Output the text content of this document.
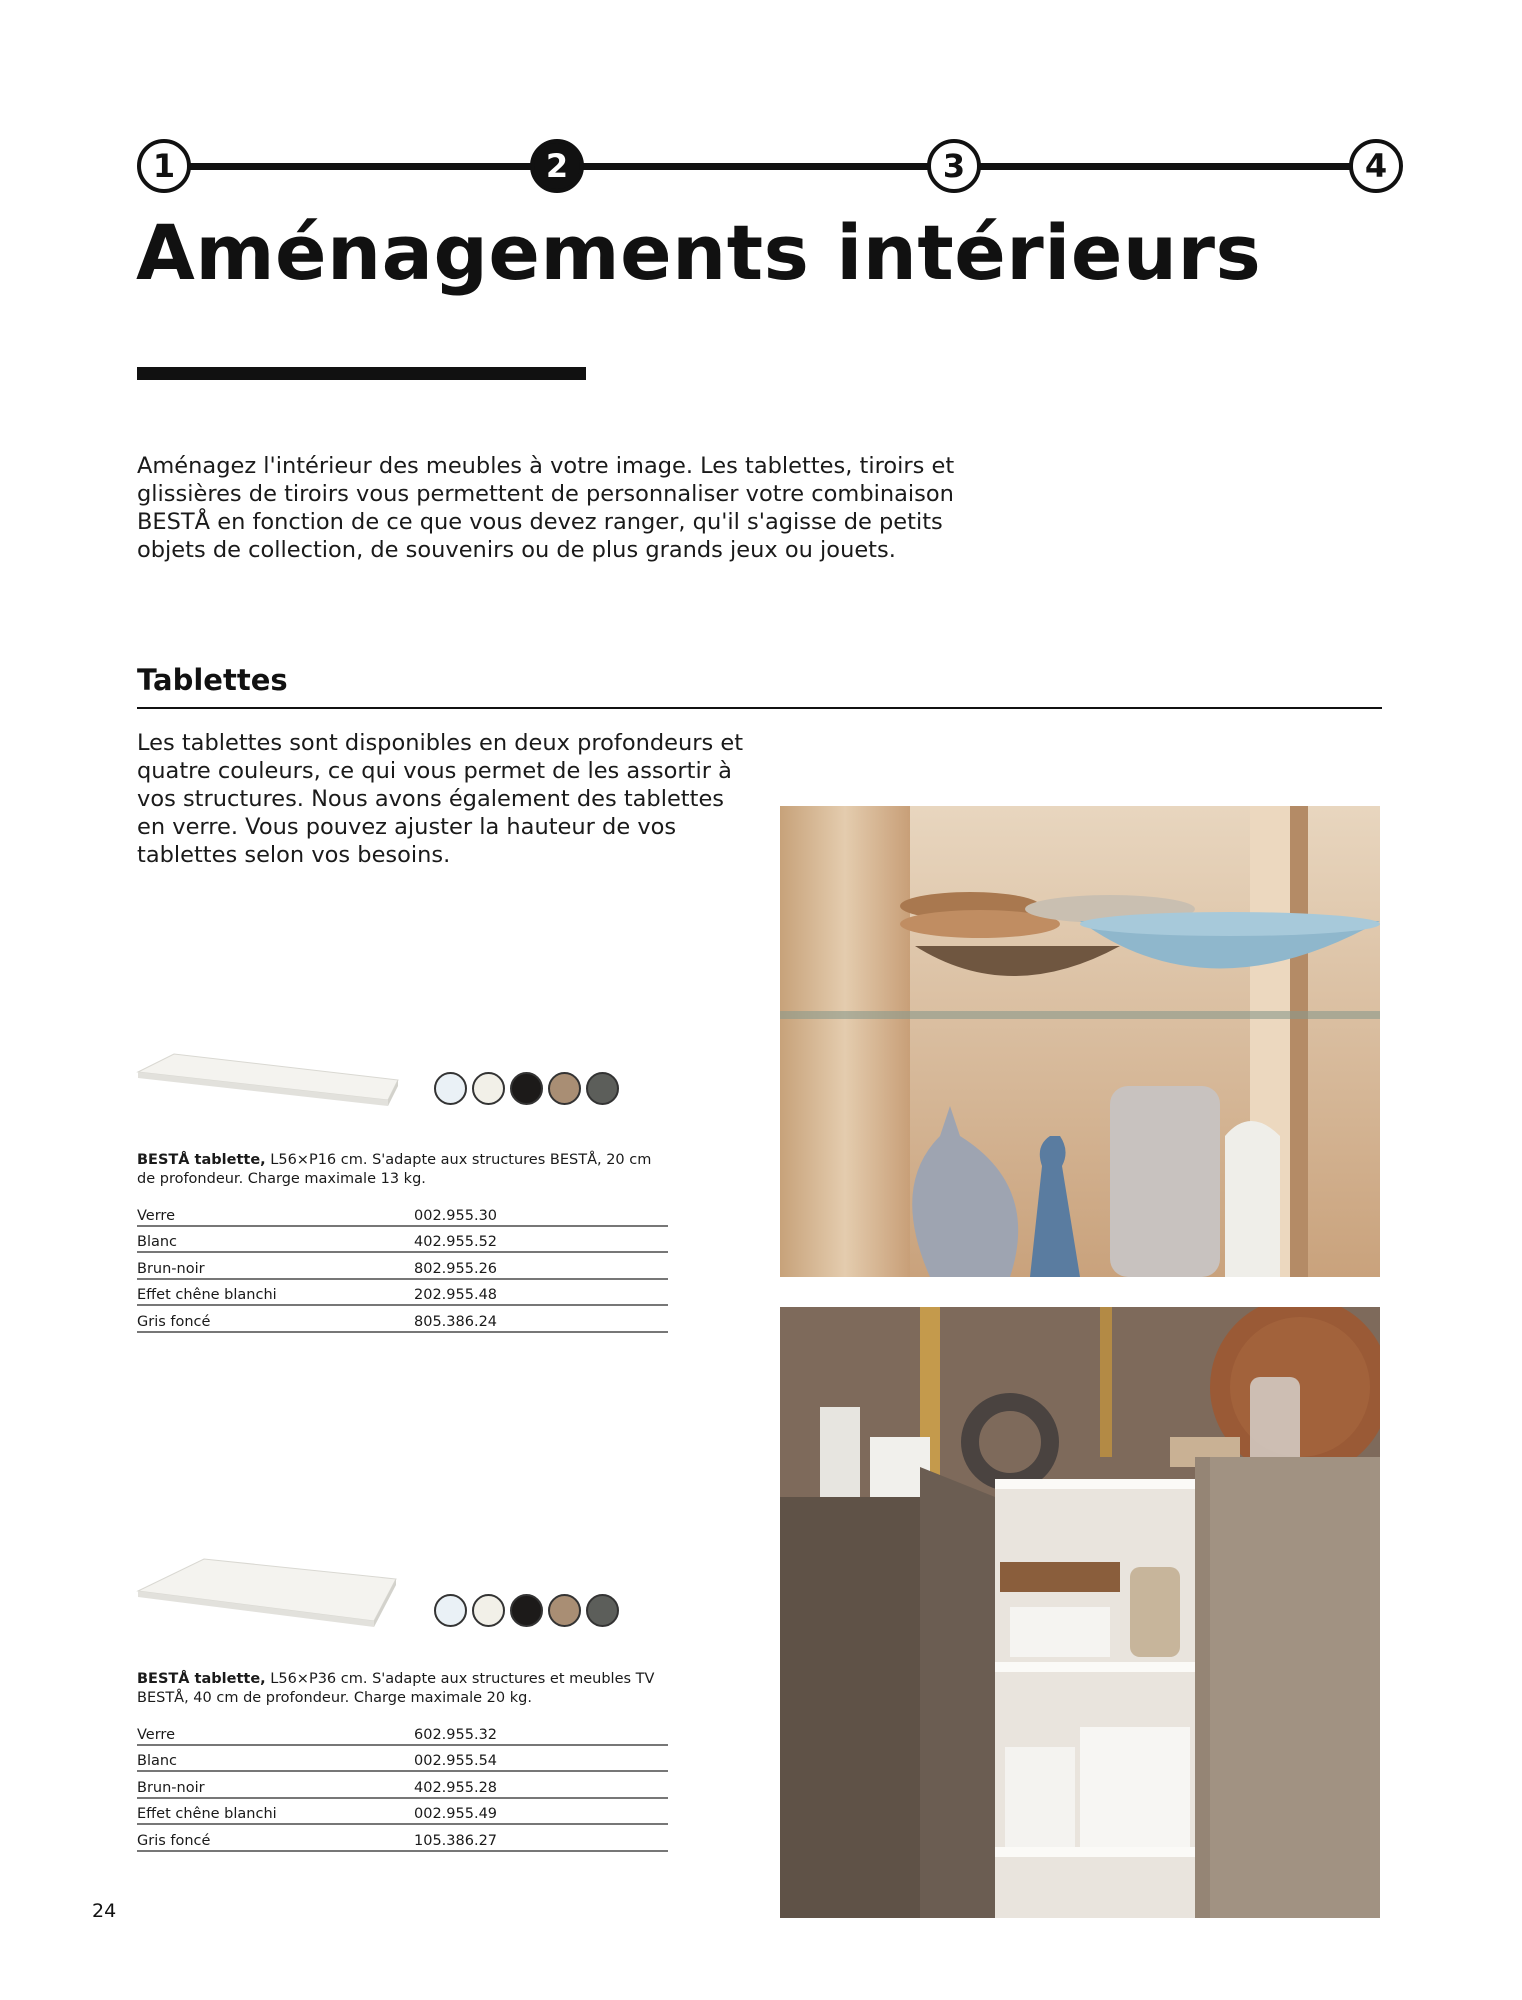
1	2	3	4
Aménagements intérieurs

Aménagez l'intérieur des meubles à votre image. Les tablettes, tiroirs et glissières de tiroirs vous permettent de personnaliser votre combinaison BESTÅ en fonction de ce que vous devez ranger, qu'il s'agisse de petits objets de collection, de souvenirs ou de plus grands jeux ou jouets.

Tablettes

Les tablettes sont disponibles en deux profondeurs et quatre couleurs, ce qui vous permet de les assortir à vos structures. Nous avons également des tablettes en verre. Vous pouvez ajuster la hauteur de vos tablettes selon vos besoins.

BESTÅ tablette, L56×P16 cm. S'adapte aux structures BESTÅ, 20 cm de profondeur. Charge maximale 13 kg.

Verre	002.955.30
Blanc	402.955.52
Brun-noir	802.955.26
Effet chêne blanchi	202.955.48
Gris foncé	805.386.24

BESTÅ tablette, L56×P36 cm. S'adapte aux structures et meubles TV BESTÅ, 40 cm de profondeur. Charge maximale 20 kg.

Verre	602.955.32
Blanc	002.955.54
Brun-noir	402.955.28
Effet chêne blanchi	002.955.49
Gris foncé	105.386.27

24
